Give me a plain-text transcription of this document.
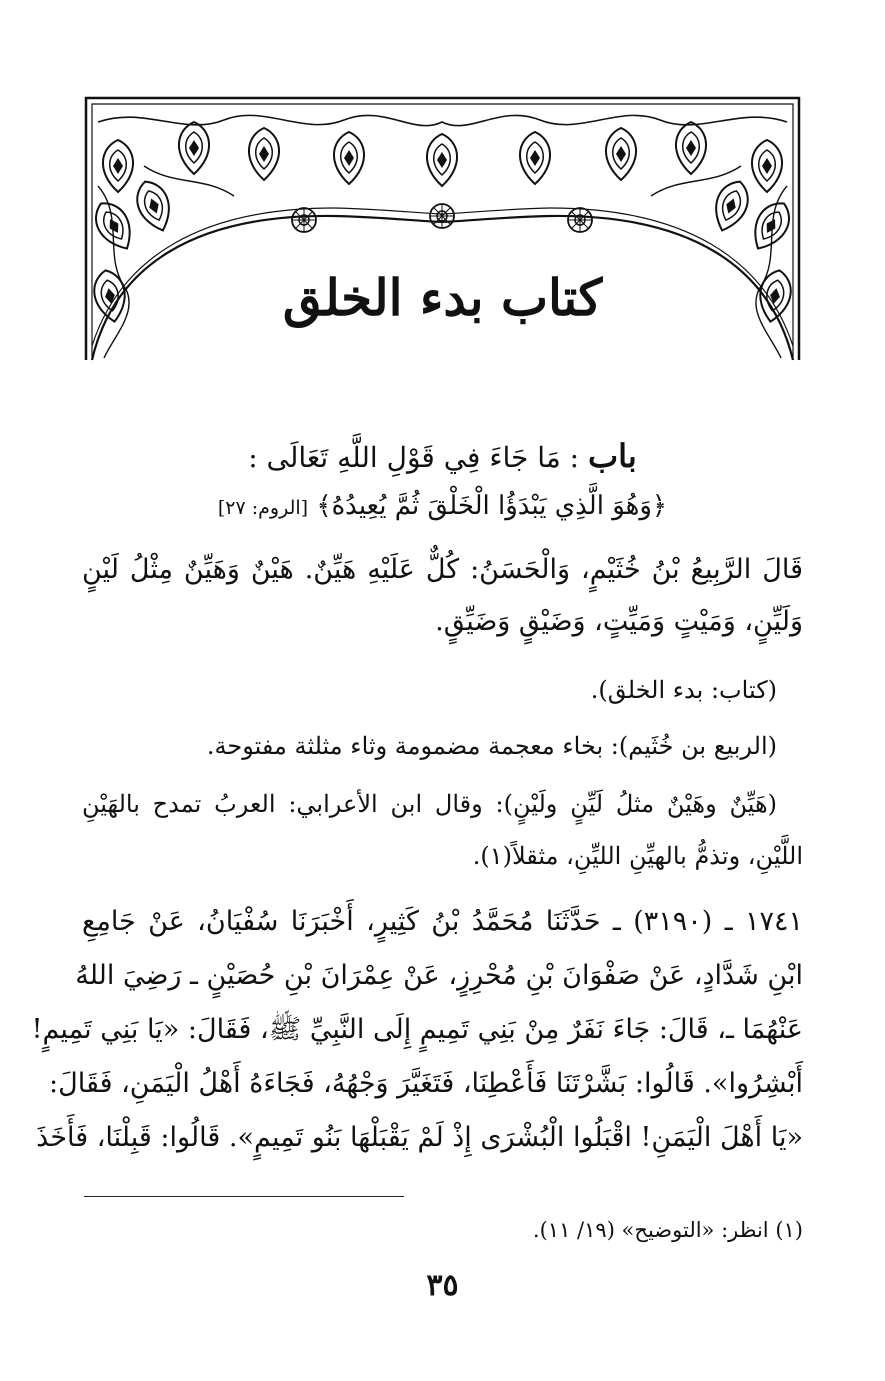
كتاب بدء الخلق
باب : مَا جَاءَ فِي قَوْلِ اللَّهِ تَعَالَى :
﴿وَهُوَ الَّذِي يَبْدَؤُا الْخَلْقَ ثُمَّ يُعِيدُهُ﴾ [الروم: ٢٧]
قَالَ الرَّبِيعُ بْنُ خُثَيْمٍ، وَالْحَسَنُ: كُلٌّ عَلَيْهِ هَيِّنٌ. هَيْنٌ وَهَيِّنٌ مِثْلُ لَيْنٍ
وَلَيِّنٍ، وَمَيْتٍ وَمَيِّتٍ، وَضَيْقٍ وَضَيِّقٍ.
(كتاب: بدء الخلق).
(الربيع بن خُثَيم): بخاء معجمة مضمومة وثاء مثلثة مفتوحة.
(هَيِّنٌ وهَيْنٌ مثلُ لَيِّنٍ ولَيْنٍ): وقال ابن الأعرابي: العربُ تمدح بالهَيْنِ
اللَّيْنِ، وتذمُّ بالهيِّنِ الليِّنِ، مثقلاً(١).
١٧٤١ ـ (٣١٩٠) ـ حَدَّثَنَا مُحَمَّدُ بْنُ كَثِيرٍ، أَخْبَرَنَا سُفْيَانُ، عَنْ جَامِعِ
ابْنِ شَدَّادٍ، عَنْ صَفْوَانَ بْنِ مُحْرِزٍ، عَنْ عِمْرَانَ بْنِ حُصَيْنٍ ـ رَضِيَ اللهُ
عَنْهُمَا ـ، قَالَ: جَاءَ نَفَرٌ مِنْ بَنِي تَمِيمٍ إِلَى النَّبِيِّ ﷺ، فَقَالَ: «يَا بَنِي تَمِيمٍ!
أَبْشِرُوا». قَالُوا: بَشَّرْتَنَا فَأَعْطِنَا، فَتَغَيَّرَ وَجْهُهُ، فَجَاءَهُ أَهْلُ الْيَمَنِ، فَقَالَ:
«يَا أَهْلَ الْيَمَنِ! اقْبَلُوا الْبُشْرَى إِذْ لَمْ يَقْبَلْهَا بَنُو تَمِيمٍ». قَالُوا: قَبِلْنَا، فَأَخَذَ
(١) انظر: «التوضيح» (١٩/ ١١).
٣٥
